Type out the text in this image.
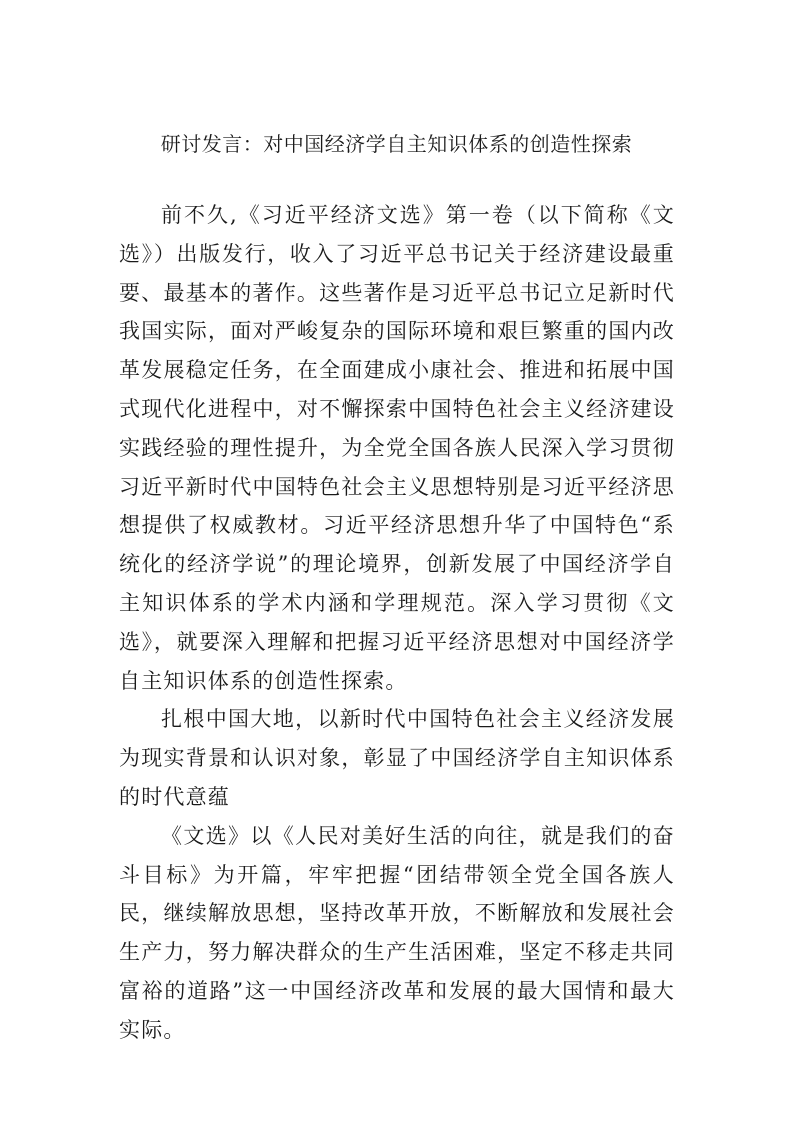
研讨发言：对中国经济学自主知识体系的创造性探索

前不久,《习近平经济文选》第一卷（以下简称《文选》）出版发行，收入了习近平总书记关于经济建设最重要、最基本的著作。这些著作是习近平总书记立足新时代我国实际，面对严峻复杂的国际环境和艰巨繁重的国内改革发展稳定任务，在全面建成小康社会、推进和拓展中国式现代化进程中，对不懈探索中国特色社会主义经济建设实践经验的理性提升，为全党全国各族人民深入学习贯彻习近平新时代中国特色社会主义思想特别是习近平经济思想提供了权威教材。习近平经济思想升华了中国特色“系统化的经济学说”的理论境界，创新发展了中国经济学自主知识体系的学术内涵和学理规范。深入学习贯彻《文选》，就要深入理解和把握习近平经济思想对中国经济学自主知识体系的创造性探索。

扎根中国大地，以新时代中国特色社会主义经济发展为现实背景和认识对象，彰显了中国经济学自主知识体系的时代意蕴

《文选》以《人民对美好生活的向往，就是我们的奋斗目标》为开篇，牢牢把握“团结带领全党全国各族人民，继续解放思想，坚持改革开放，不断解放和发展社会生产力，努力解决群众的生产生活困难，坚定不移走共同富裕的道路”这一中国经济改革和发展的最大国情和最大实际。
